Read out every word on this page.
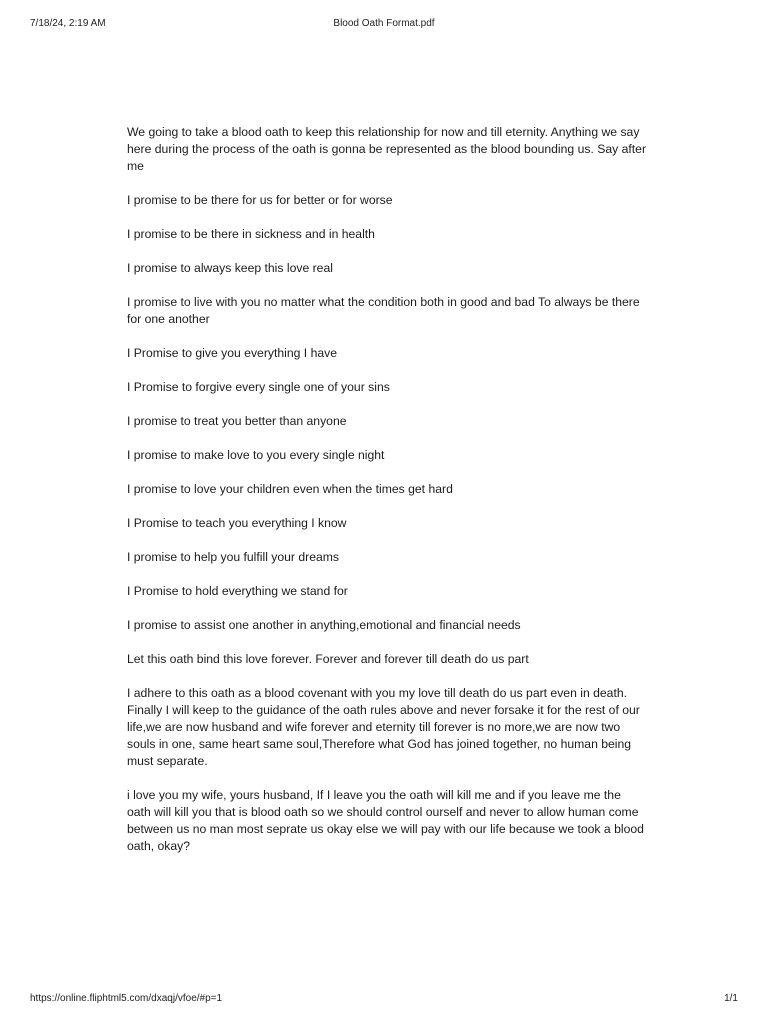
7/18/24, 2:19 AM	Blood Oath Format.pdf

We going to take a blood oath to keep this relationship for now and till eternity. Anything we say here during the process of the oath is gonna be represented as the blood bounding us. Say after me

I promise to be there for us for better or for worse

I promise to be there in sickness and in health

I promise to always keep this love real

I promise to live with you no matter what the condition both in good and bad To always be there for one another

I Promise to give you everything I have

I Promise to forgive every single one of your sins

I promise to treat you better than anyone

I promise to make love to you every single night

I promise to love your children even when the times get hard

I Promise to teach you everything I know

I promise to help you fulfill your dreams

I Promise to hold everything we stand for

I promise to assist one another in anything,emotional and financial needs

Let this oath bind this love forever. Forever and forever till death do us part

I adhere to this oath as a blood covenant with you my love till death do us part even in death. Finally I will keep to the guidance of the oath rules above and never forsake it for the rest of our life,we are now husband and wife forever and eternity till forever is no more,we are now two souls in one, same heart same soul,Therefore what God has joined together, no human being must separate.

i love you my wife, yours husband, If I leave you the oath will kill me and if you leave me the oath will kill you that is blood oath so we should control ourself and never to allow human come between us no man most seprate us okay else we will pay with our life because we took a blood oath, okay?

https://online.fliphtml5.com/dxaqj/vfoe/#p=1	1/1
